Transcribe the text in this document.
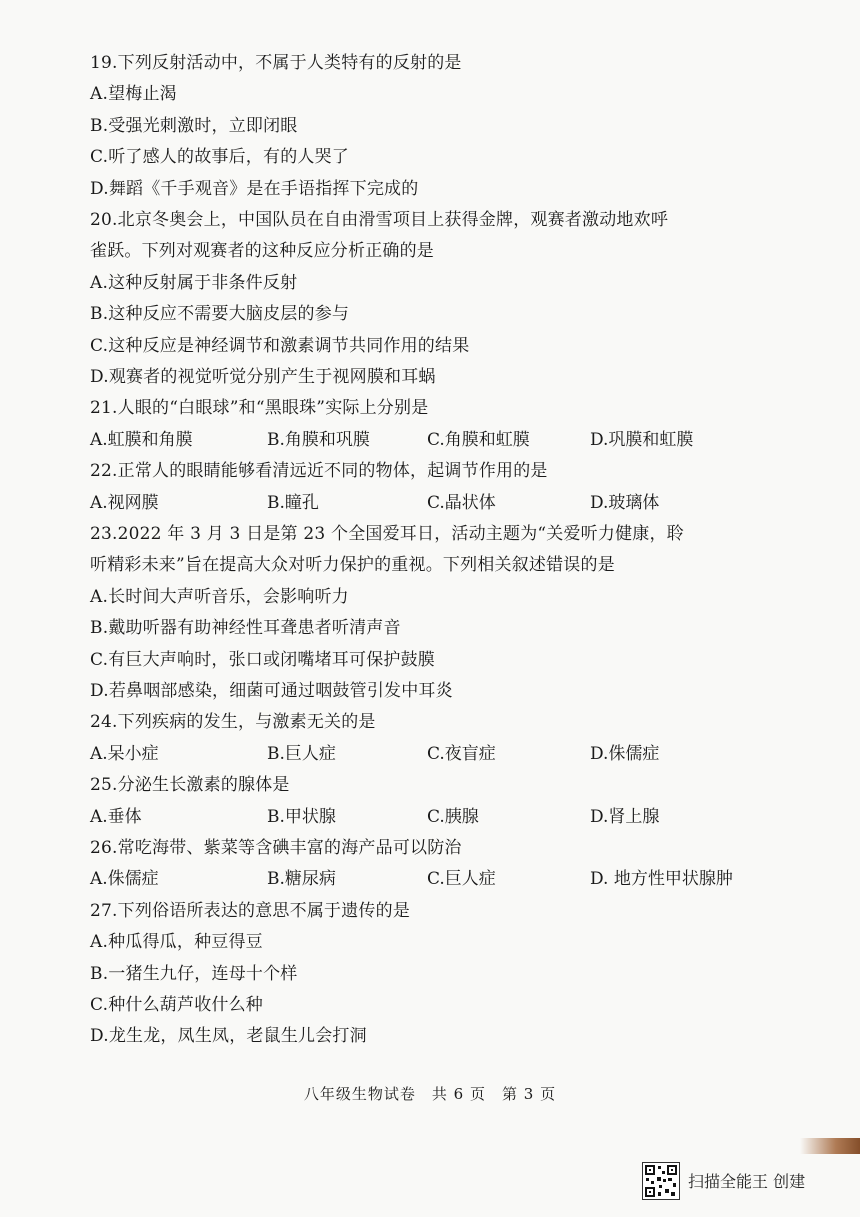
19.下列反射活动中，不属于人类特有的反射的是
A.望梅止渴
B.受强光刺激时，立即闭眼
C.听了感人的故事后，有的人哭了
D.舞蹈《千手观音》是在手语指挥下完成的
20.北京冬奥会上，中国队员在自由滑雪项目上获得金牌，观赛者激动地欢呼
雀跃。下列对观赛者的这种反应分析正确的是
A.这种反射属于非条件反射
B.这种反应不需要大脑皮层的参与
C.这种反应是神经调节和激素调节共同作用的结果
D.观赛者的视觉听觉分别产生于视网膜和耳蜗
21.人眼的“白眼球”和“黑眼珠”实际上分别是
A.虹膜和角膜	B.角膜和巩膜	C.角膜和虹膜	D.巩膜和虹膜
22.正常人的眼睛能够看清远近不同的物体，起调节作用的是
A.视网膜	B.瞳孔	C.晶状体	D.玻璃体
23.2022 年 3 月 3 日是第 23 个全国爱耳日，活动主题为“关爱听力健康，聆
听精彩未来”旨在提高大众对听力保护的重视。下列相关叙述错误的是
A.长时间大声听音乐，会影响听力
B.戴助听器有助神经性耳聋患者听清声音
C.有巨大声响时，张口或闭嘴堵耳可保护鼓膜
D.若鼻咽部感染，细菌可通过咽鼓管引发中耳炎
24.下列疾病的发生，与激素无关的是
A.呆小症	B.巨人症	C.夜盲症	D.侏儒症
25.分泌生长激素的腺体是
A.垂体	B.甲状腺	C.胰腺	D.肾上腺
26.常吃海带、紫菜等含碘丰富的海产品可以防治
A.侏儒症	B.糖尿病	C.巨人症	D. 地方性甲状腺肿
27.下列俗语所表达的意思不属于遗传的是
A.种瓜得瓜，种豆得豆
B.一猪生九仔，连母十个样
C.种什么葫芦收什么种
D.龙生龙，凤生凤，老鼠生儿会打洞
八年级生物试卷　共 6 页　第 3 页
扫描全能王 创建
